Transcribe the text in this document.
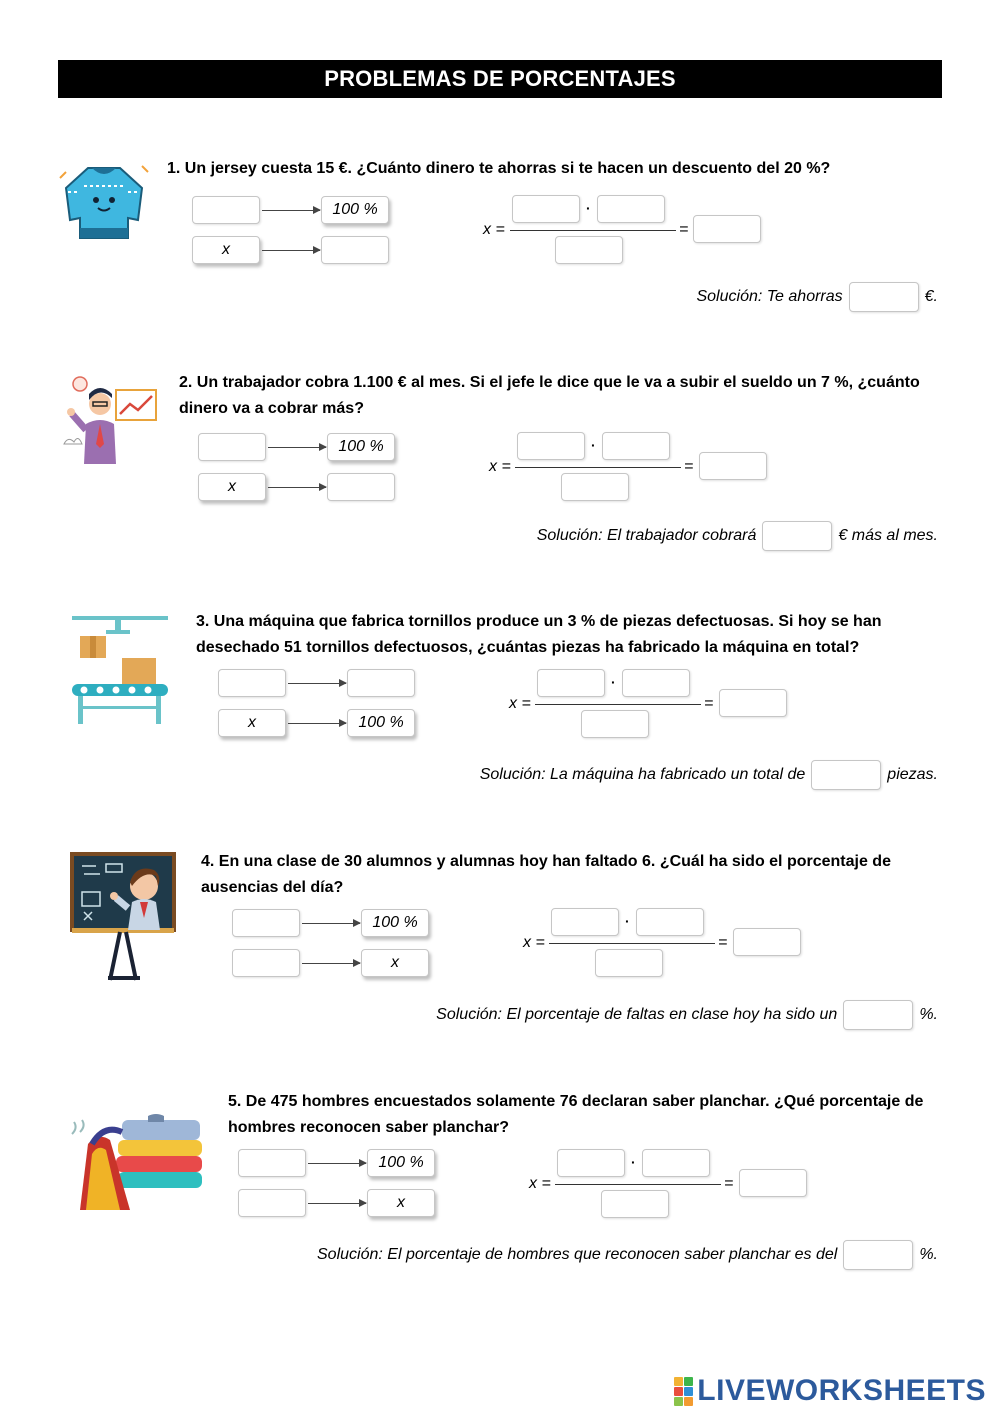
PROBLEMAS DE PORCENTAJES
1. Un jersey cuesta 15 €. ¿Cuánto dinero te ahorras si te hacen un descuento del 20 %?
100 %
x
x =
·
=
Solución: Te ahorras	€.
2. Un trabajador cobra 1.100 € al mes. Si el jefe le dice que le va a subir el sueldo un 7 %, ¿cuánto dinero va a cobrar más?
100 %
x
x =
·
=
Solución: El trabajador cobrará	€ más al mes.
3. Una máquina que fabrica tornillos produce un 3 % de piezas defectuosas. Si hoy se han desechado 51 tornillos defectuosos, ¿cuántas piezas ha fabricado la máquina en total?
x	100 %
x =
·
=
Solución: La máquina ha fabricado un total de	piezas.
4. En una clase de 30 alumnos y alumnas hoy han faltado 6. ¿Cuál ha sido el porcentaje de ausencias del día?
100 %
x
x =
·
=
Solución: El porcentaje de faltas en clase hoy ha sido un	%.
5. De 475 hombres encuestados solamente 76 declaran saber planchar. ¿Qué porcentaje de hombres reconocen saber planchar?
100 %
x
x =
·
=
Solución: El porcentaje de hombres que reconocen saber planchar es del	%.
LIVEWORKSHEETS
